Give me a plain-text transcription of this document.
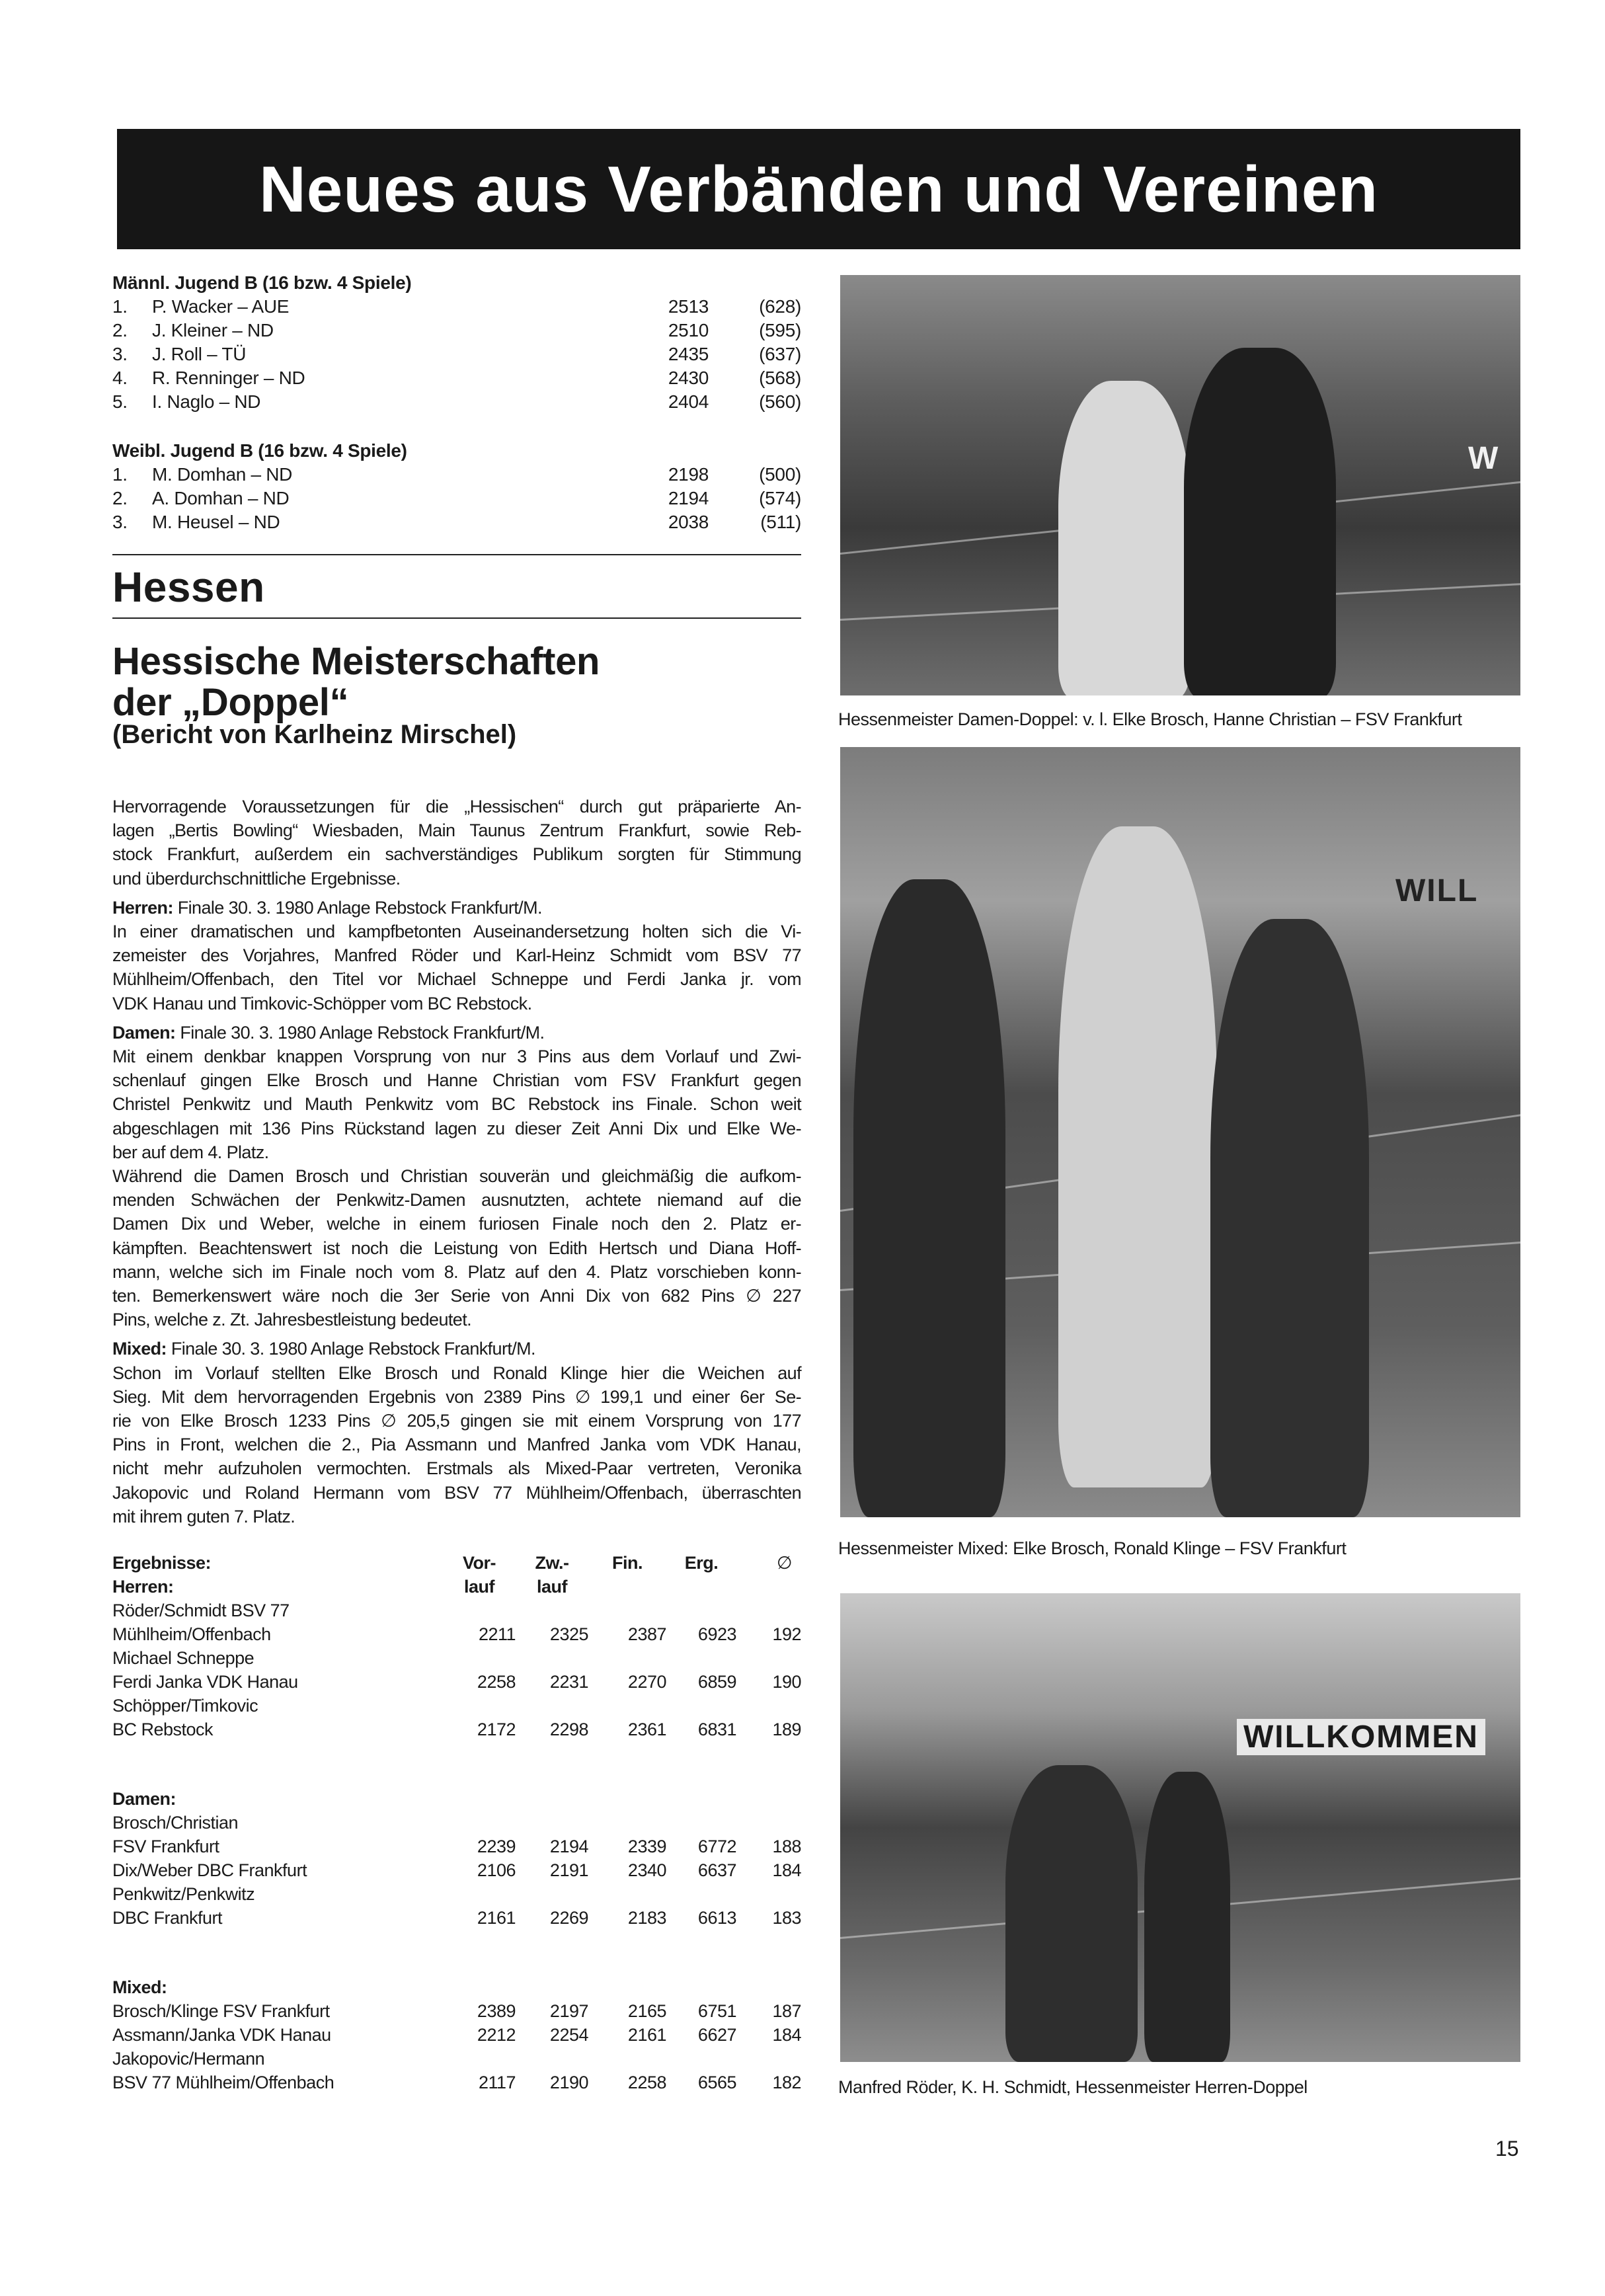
Neues aus Verbänden und Vereinen
Männl. Jugend B (16 bzw. 4 Spiele)
1.	P. Wacker – AUE	2513	(628)
2.	J. Kleiner – ND	2510	(595)
3.	J. Roll – TÜ	2435	(637)
4.	R. Renninger – ND	2430	(568)
5.	I. Naglo – ND	2404	(560)
Weibl. Jugend B (16 bzw. 4 Spiele)
1.	M. Domhan – ND	2198	(500)
2.	A. Domhan – ND	2194	(574)
3.	M. Heusel – ND	2038	(511)
Hessen
Hessische Meisterschaften
der „Doppel“
(Bericht von Karlheinz Mirschel)
Hervorragende Voraussetzungen für die „Hessischen“ durch gut präparierte An-
lagen „Bertis Bowling“ Wiesbaden, Main Taunus Zentrum Frankfurt, sowie Reb-
stock Frankfurt, außerdem ein sachverständiges Publikum sorgten für Stimmung
und überdurchschnittliche Ergebnisse.
Herren: Finale 30. 3. 1980 Anlage Rebstock Frankfurt/M.
In einer dramatischen und kampfbetonten Auseinandersetzung holten sich die Vi-
zemeister des Vorjahres, Manfred Röder und Karl-Heinz Schmidt vom BSV 77
Mühlheim/Offenbach, den Titel vor Michael Schneppe und Ferdi Janka jr. vom
VDK Hanau und Timkovic-Schöpper vom BC Rebstock.
Damen: Finale 30. 3. 1980 Anlage Rebstock Frankfurt/M.
Mit einem denkbar knappen Vorsprung von nur 3 Pins aus dem Vorlauf und Zwi-
schenlauf gingen Elke Brosch und Hanne Christian vom FSV Frankfurt gegen
Christel Penkwitz und Mauth Penkwitz vom BC Rebstock ins Finale. Schon weit
abgeschlagen mit 136 Pins Rückstand lagen zu dieser Zeit Anni Dix und Elke We-
ber auf dem 4. Platz.
Während die Damen Brosch und Christian souverän und gleichmäßig die aufkom-
menden Schwächen der Penkwitz-Damen ausnutzten, achtete niemand auf die
Damen Dix und Weber, welche in einem furiosen Finale noch den 2. Platz er-
kämpften. Beachtenswert ist noch die Leistung von Edith Hertsch und Diana Hoff-
mann, welche sich im Finale noch vom 8. Platz auf den 4. Platz vorschieben konn-
ten. Bemerkenswert wäre noch die 3er Serie von Anni Dix von 682 Pins ∅ 227
Pins, welche z. Zt. Jahresbestleistung bedeutet.
Mixed: Finale 30. 3. 1980 Anlage Rebstock Frankfurt/M.
Schon im Vorlauf stellten Elke Brosch und Ronald Klinge hier die Weichen auf
Sieg. Mit dem hervorragenden Ergebnis von 2389 Pins ∅ 199,1 und einer 6er Se-
rie von Elke Brosch 1233 Pins ∅ 205,5 gingen sie mit einem Vorsprung von 177
Pins in Front, welchen die 2., Pia Assmann und Manfred Janka vom VDK Hanau,
nicht mehr aufzuholen vermochten. Erstmals als Mixed-Paar vertreten, Veronika
Jakopovic und Roland Hermann vom BSV 77 Mühlheim/Offenbach, überraschten
mit ihrem guten 7. Platz.
Ergebnisse:	Vor-
lauf
Zw.-
lauf
Fin.	Erg.	∅

Herren:
Röder/Schmidt BSV 77
Mühlheim/Offenbach	2211	2325	2387	6923	192
Michael Schneppe
Ferdi Janka VDK Hanau	2258	2231	2270	6859	190
Schöpper/Timkovic
BC Rebstock	2172	2298	2361	6831	189
Damen:
Brosch/Christian
FSV Frankfurt	2239	2194	2339	6772	188
Dix/Weber DBC Frankfurt	2106	2191	2340	6637	184
Penkwitz/Penkwitz
DBC Frankfurt	2161	2269	2183	6613	183
Mixed:
Brosch/Klinge FSV Frankfurt	2389	2197	2165	6751	187
Assmann/Janka VDK Hanau	2212	2254	2161	6627	184
Jakopovic/Hermann
BSV 77 Mühlheim/Offenbach	2117	2190	2258	6565	182
W
Hessenmeister Damen-Doppel: v. l. Elke Brosch, Hanne Christian – FSV Frankfurt
WILL
Hessenmeister Mixed: Elke Brosch, Ronald Klinge – FSV Frankfurt
WILLKOMMEN
Manfred Röder, K. H. Schmidt, Hessenmeister Herren-Doppel
15
